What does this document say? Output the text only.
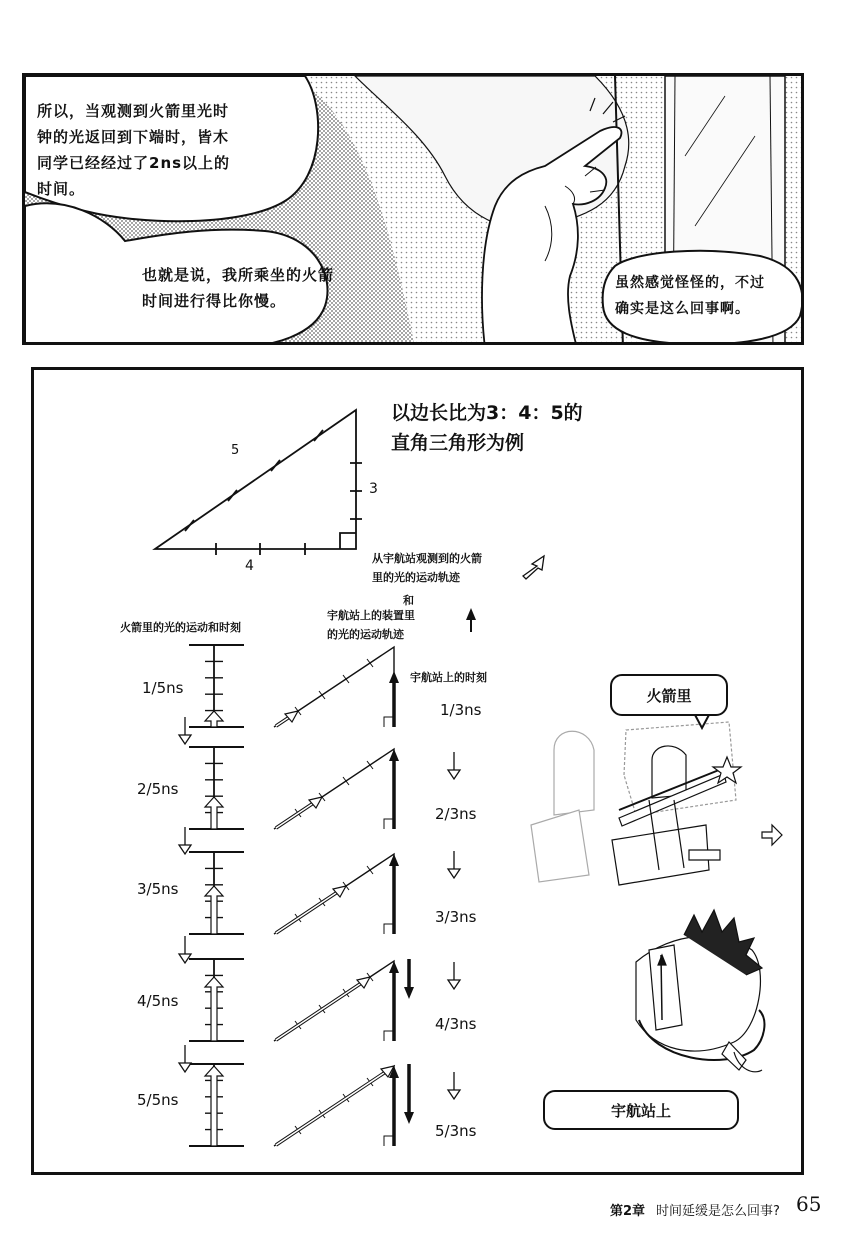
所以，当观测到火箭里光时
钟的光返回到下端时，皆木
同学已经经过了2ns以上的
时间。
也就是说，我所乘坐的火箭
时间进行得比你慢。
虽然感觉怪怪的，不过
确实是这么回事啊。
以边长比为3：4：5的
直角三角形为例
5
3
4	从宇航站观测到的火箭
里的光的运动轨迹
和
宇航站上的装置里
的光的运动轨迹
火箭里的光的运动和时刻
宇航站上的时刻
1/5ns
2/5ns
3/5ns
4/5ns
5/5ns
1/3ns
2/3ns
3/3ns
4/3ns
5/3ns
火箭里
宇航站上
第2章 时间延缓是怎么回事? 65
